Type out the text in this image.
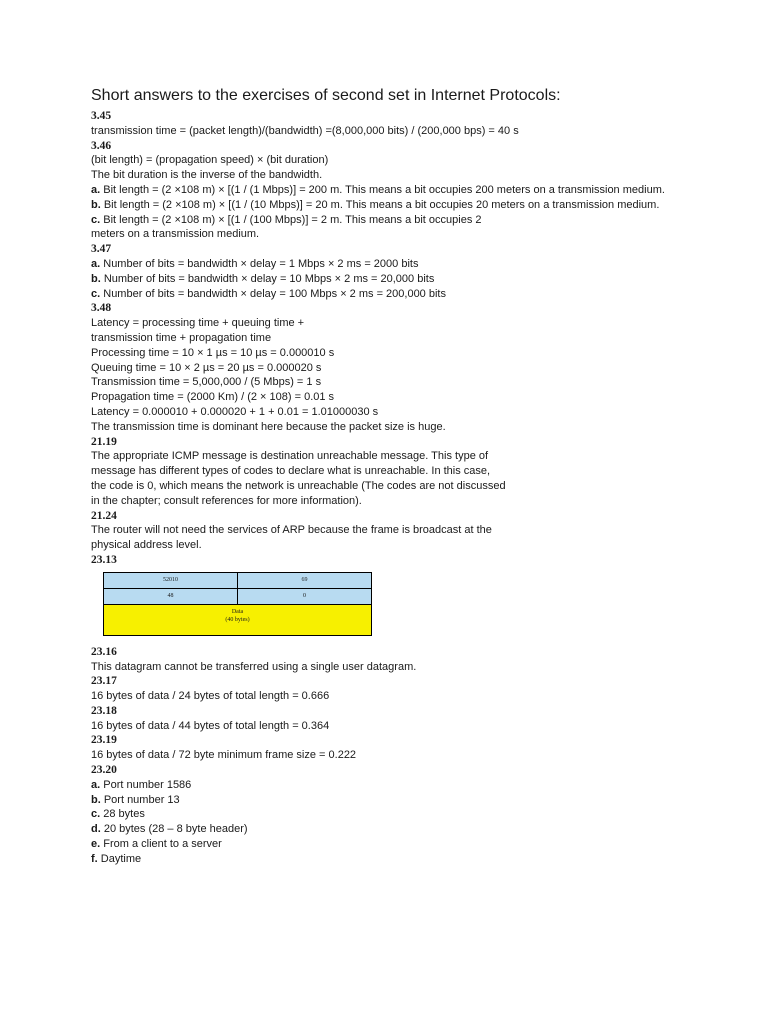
Short answers to the exercises of second set in Internet Protocols:
3.45
transmission time = (packet length)/(bandwidth) =(8,000,000 bits) / (200,000 bps) = 40 s
3.46
(bit length) = (propagation speed) × (bit duration)
The bit duration is the inverse of the bandwidth.
a. Bit length = (2 ×108 m) × [(1 / (1 Mbps)] = 200 m. This means a bit occupies 200 meters on a transmission medium.
b. Bit length = (2 ×108 m) × [(1 / (10 Mbps)] = 20 m. This means a bit occupies 20 meters on a transmission medium.
c. Bit length = (2 ×108 m) × [(1 / (100 Mbps)] = 2 m. This means a bit occupies 2
meters on a transmission medium.
3.47
a. Number of bits = bandwidth × delay = 1 Mbps × 2 ms = 2000 bits
b. Number of bits = bandwidth × delay = 10 Mbps × 2 ms = 20,000 bits
c. Number of bits = bandwidth × delay = 100 Mbps × 2 ms = 200,000 bits
3.48
Latency = processing time + queuing time +
transmission time + propagation time
Processing time = 10 × 1 µs = 10 µs = 0.000010 s
Queuing time = 10 × 2 µs = 20 µs = 0.000020 s
Transmission time = 5,000,000 / (5 Mbps) = 1 s
Propagation time = (2000 Km) / (2 × 108) = 0.01 s
Latency = 0.000010 + 0.000020 + 1 + 0.01 = 1.01000030 s
The transmission time is dominant here because the packet size is huge.
21.19
The appropriate ICMP message is destination unreachable message. This type of
message has different types of codes to declare what is unreachable. In this case,
the code is 0, which means the network is unreachable (The codes are not discussed
in the chapter; consult references for more information).
21.24
The router will not need the services of ARP because the frame is broadcast at the
physical address level.
23.13
52010	69
48	0
Data
(40 bytes)
23.16
This datagram cannot be transferred using a single user datagram.
23.17
16 bytes of data / 24 bytes of total length = 0.666
23.18
16 bytes of data / 44 bytes of total length = 0.364
23.19
16 bytes of data / 72 byte minimum frame size = 0.222
23.20
a. Port number 1586
b. Port number 13
c. 28 bytes
d. 20 bytes (28 – 8 byte header)
e. From a client to a server
f. Daytime
